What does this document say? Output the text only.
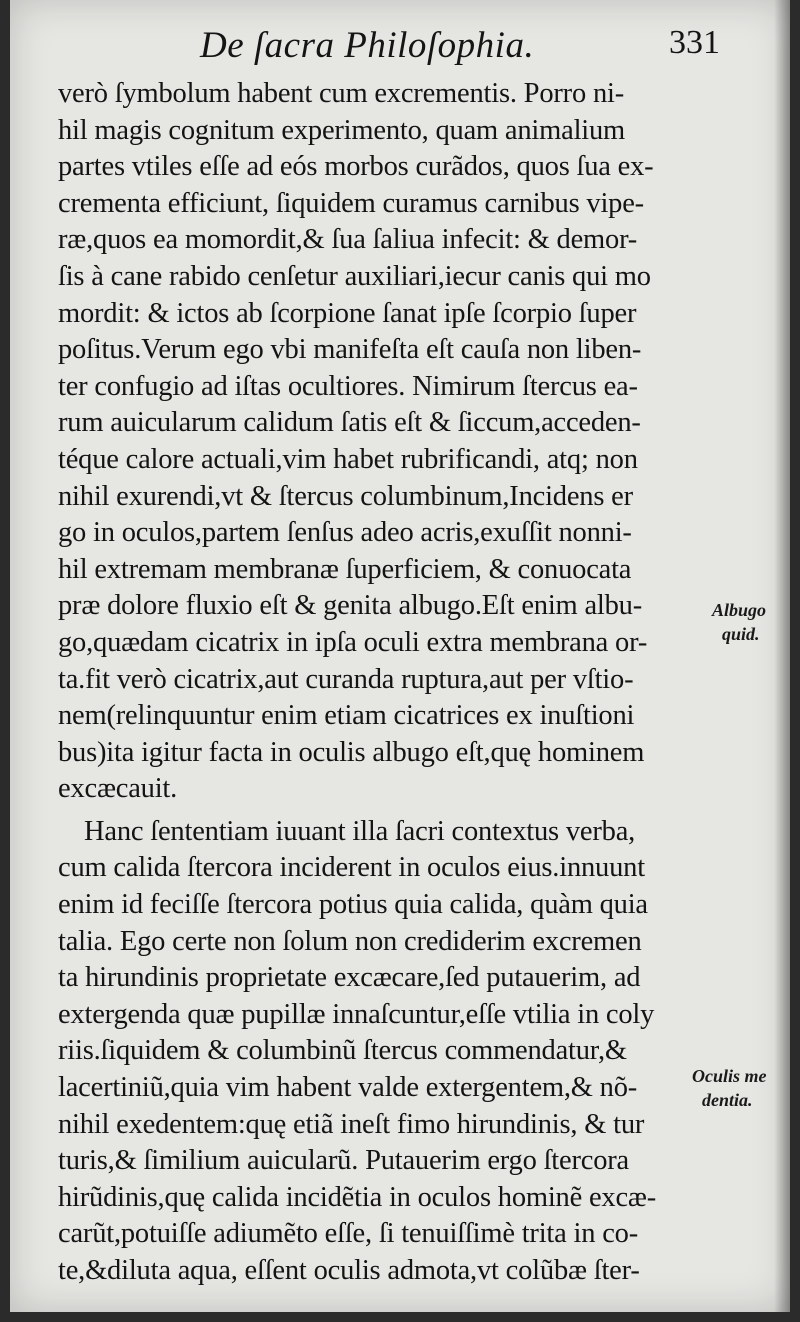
De ſacra Philoſophia.	331
verò ſymbolum habent cum excrementis. Porro ni-
hil magis cognitum experimento, quam animalium
partes vtiles eſſe ad eós morbos curãdos, quos ſua ex-
crementa efficiunt, ſiquidem curamus carnibus vipe-
ræ,quos ea momordit,& ſua ſaliua infecit: & demor-
ſis à cane rabido cenſetur auxiliari,iecur canis qui mo
mordit: & ictos ab ſcorpione ſanat ipſe ſcorpio ſuper
poſitus.Verum ego vbi manifeſta eſt cauſa non liben-
ter confugio ad iſtas ocultiores. Nimirum ſtercus ea-
rum auicularum calidum ſatis eſt & ſiccum,acceden-
téque calore actuali,vim habet rubrificandi, atq; non
nihil exurendi,vt & ſtercus columbinum,Incidens er
go in oculos,partem ſenſus adeo acris,exuſſit nonni-
hil extremam membranæ ſuperficiem, & conuocata
præ dolore fluxio eſt & genita albugo.Eſt enim albu-
go,quædam cicatrix in ipſa oculi extra membrana or-
ta.fit verò cicatrix,aut curanda ruptura,aut per vſtio-
nem(relinquuntur enim etiam cicatrices ex inuſtioni
bus)ita igitur facta in oculis albugo eſt,quę hominem
excæcauit.
Hanc ſententiam iuuant illa ſacri contextus verba,
cum calida ſtercora inciderent in oculos eius.innuunt
enim id feciſſe ſtercora potius quia calida, quàm quia
talia. Ego certe non ſolum non crediderim excremen
ta hirundinis proprietate excæcare,ſed putauerim, ad
extergenda quæ pupillæ innaſcuntur,eſſe vtilia in coly
riis.ſiquidem & columbinũ ſtercus commendatur,&
lacertiniũ,quia vim habent valde extergentem,& nõ-
nihil exedentem:quę etiã ineſt fimo hirundinis, & tur
turis,& ſimilium auicularũ. Putauerim ergo ſtercora
hirũdinis,quę calida incidẽtia in oculos hominẽ excæ-
carũt,potuiſſe adiumẽto eſſe, ſi tenuiſſimè trita in co-
te,&diluta aqua, eſſent oculis admota,vt colũbæ ſter-
Albugo
quid.
Oculis me
dentia.
